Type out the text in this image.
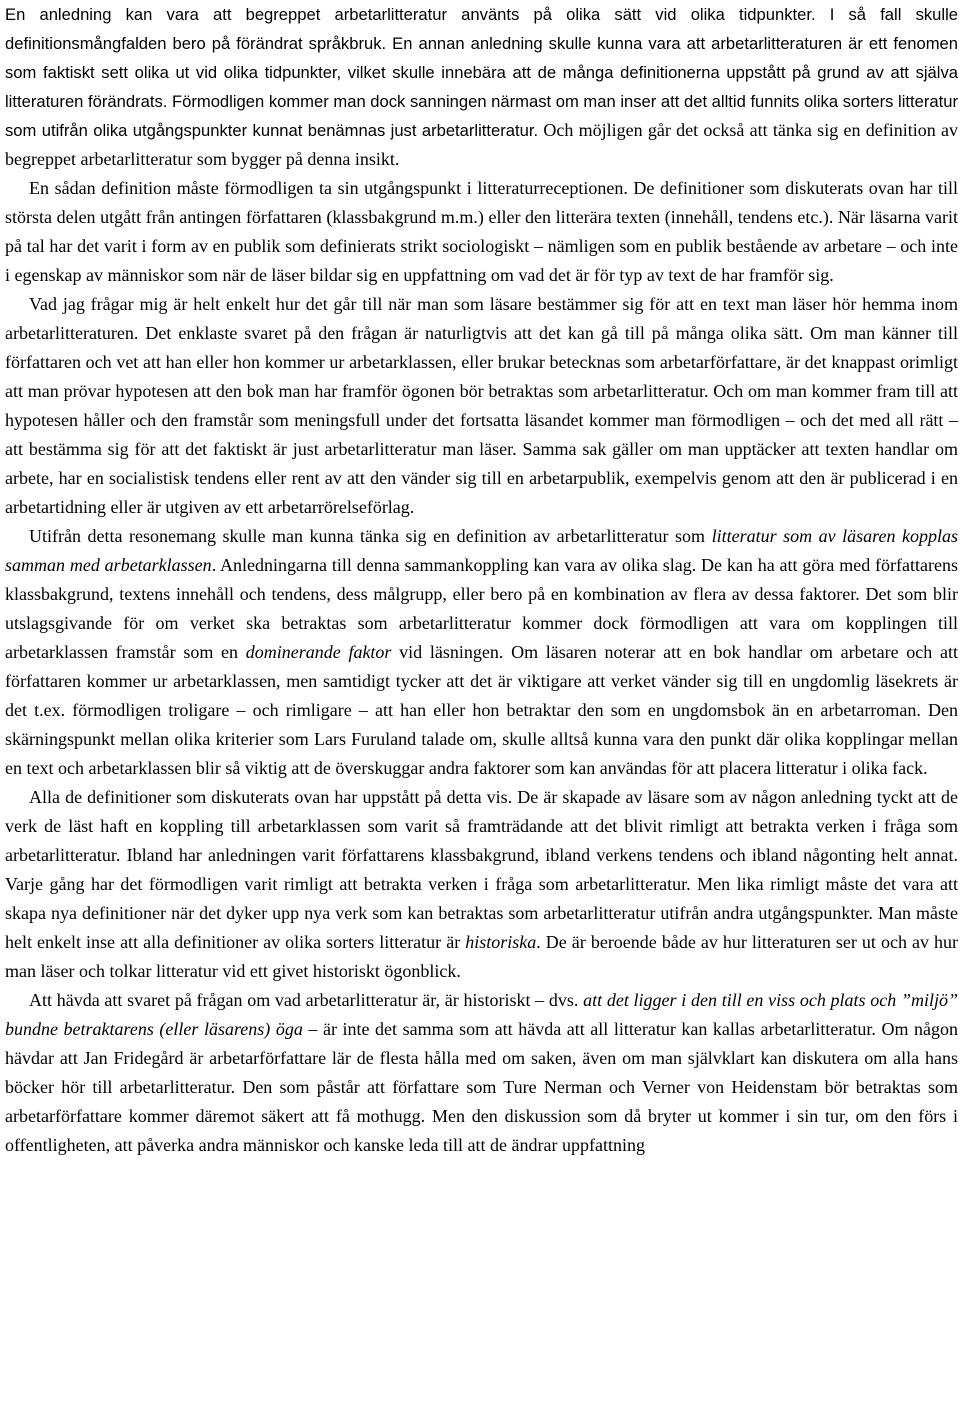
En anledning kan vara att begreppet arbetarlitteratur använts på olika sätt vid olika tidpunkter. I så fall skulle definitionsmångfalden bero på förändrat språkbruk. En annan anledning skulle kunna vara att arbetarlitteraturen är ett fenomen som faktiskt sett olika ut vid olika tidpunkter, vilket skulle innebära att de många definitionerna uppstått på grund av att själva litteraturen förändrats. Förmodligen kommer man dock sanningen närmast om man inser att det alltid funnits olika sorters litteratur som utifrån olika utgångspunkter kunnat benämnas just arbetarlitteratur. Och möjligen går det också att tänka sig en definition av begreppet arbetarlitteratur som bygger på denna insikt.

En sådan definition måste förmodligen ta sin utgångspunkt i litteraturreceptionen. De definitioner som diskuterats ovan har till största delen utgått från antingen författaren (klassbakgrund m.m.) eller den litterära texten (innehåll, tendens etc.). När läsarna varit på tal har det varit i form av en publik som definierats strikt sociologiskt – nämligen som en publik bestående av arbetare – och inte i egenskap av människor som när de läser bildar sig en uppfattning om vad det är för typ av text de har framför sig.

Vad jag frågar mig är helt enkelt hur det går till när man som läsare bestämmer sig för att en text man läser hör hemma inom arbetarlitteraturen. Det enklaste svaret på den frågan är naturligtvis att det kan gå till på många olika sätt. Om man känner till författaren och vet att han eller hon kommer ur arbetarklassen, eller brukar betecknas som arbetarförfattare, är det knappast orimligt att man prövar hypotesen att den bok man har framför ögonen bör betraktas som arbetarlitteratur. Och om man kommer fram till att hypotesen håller och den framstår som meningsfull under det fortsatta läsandet kommer man förmodligen – och det med all rätt – att bestämma sig för att det faktiskt är just arbetarlitteratur man läser. Samma sak gäller om man upptäcker att texten handlar om arbete, har en socialistisk tendens eller rent av att den vänder sig till en arbetarpublik, exempelvis genom att den är publicerad i en arbetartidning eller är utgiven av ett arbetarrörelseförlag.

Utifrån detta resonemang skulle man kunna tänka sig en definition av arbetarlitteratur som litteratur som av läsaren kopplas samman med arbetarklassen. Anledningarna till denna sammankoppling kan vara av olika slag. De kan ha att göra med författarens klassbakgrund, textens innehåll och tendens, dess målgrupp, eller bero på en kombination av flera av dessa faktorer. Det som blir utslagsgivande för om verket ska betraktas som arbetarlitteratur kommer dock förmodligen att vara om kopplingen till arbetarklassen framstår som en dominerande faktor vid läsningen. Om läsaren noterar att en bok handlar om arbetare och att författaren kommer ur arbetarklassen, men samtidigt tycker att det är viktigare att verket vänder sig till en ungdomlig läsekrets är det t.ex. förmodligen troligare – och rimligare – att han eller hon betraktar den som en ungdomsbok än en arbetarroman. Den skärningspunkt mellan olika kriterier som Lars Furuland talade om, skulle alltså kunna vara den punkt där olika kopplingar mellan en text och arbetarklassen blir så viktig att de överskuggar andra faktorer som kan användas för att placera litteratur i olika fack.

Alla de definitioner som diskuterats ovan har uppstått på detta vis. De är skapade av läsare som av någon anledning tyckt att de verk de läst haft en koppling till arbetarklassen som varit så framträdande att det blivit rimligt att betrakta verken i fråga som arbetarlitteratur. Ibland har anledningen varit författarens klassbakgrund, ibland verkens tendens och ibland någonting helt annat. Varje gång har det förmodligen varit rimligt att betrakta verken i fråga som arbetarlitteratur. Men lika rimligt måste det vara att skapa nya definitioner när det dyker upp nya verk som kan betraktas som arbetarlitteratur utifrån andra utgångspunkter. Man måste helt enkelt inse att alla definitioner av olika sorters litteratur är historiska. De är beroende både av hur litteraturen ser ut och av hur man läser och tolkar litteratur vid ett givet historiskt ögonblick.

Att hävda att svaret på frågan om vad arbetarlitteratur är, är historiskt – dvs. att det ligger i den till en viss och plats och ”miljö” bundne betraktarens (eller läsarens) öga – är inte det samma som att hävda att all litteratur kan kallas arbetarlitteratur. Om någon hävdar att Jan Fridegård är arbetarförfattare lär de flesta hålla med om saken, även om man självklart kan diskutera om alla hans böcker hör till arbetarlitteratur. Den som påstår att författare som Ture Nerman och Verner von Heidenstam bör betraktas som arbetarförfattare kommer däremot säkert att få mothugg. Men den diskussion som då bryter ut kommer i sin tur, om den förs i offentligheten, att påverka andra människor och kanske leda till att de ändrar uppfattning
